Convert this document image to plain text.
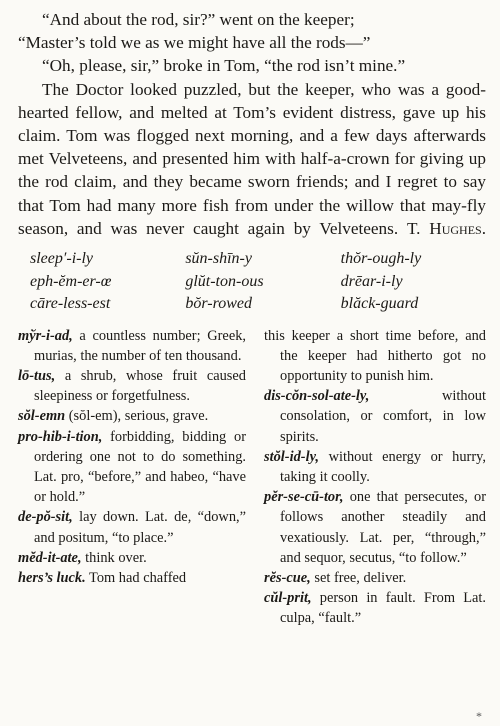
“And about the rod, sir?” went on the keeper;

“Master’s told we as we might have all the rods—”

“Oh, please, sir,” broke in Tom, “the rod isn’t mine.”

The Doctor looked puzzled, but the keeper, who was a good-hearted fellow, and melted at Tom’s evident distress, gave up his claim. Tom was flogged next morning, and a few days afterwards met Velveteens, and presented him with half-a-crown for giving up the rod claim, and they became sworn friends; and I regret to say that Tom had many more fish from under the willow that may-fly season, and was never caught again by Velveteens. T. Hughes.

sleep′-i-ly	sŭn-shīn-y	thŏr-ough-ly
eph-ĕm-er-œ	glŭt-ton-ous	drēar-i-ly
cāre-less-est	bŏr-rowed	blăck-guard
mўr-i-ad, a countless number; Greek, murias, the number of ten thousand.
lō-tus, a shrub, whose fruit caused sleepiness or forgetfulness.
sŏl-emn (sŏl-em), serious, grave.
pro-hib-i-tion, forbidding, bidding or ordering one not to do something. Lat. pro, “before,” and habeo, “have or hold.”
de-pŏ-sit, lay down. Lat. de, “down,” and positum, “to place.”
mĕd-it-ate, think over.
hers’s luck. Tom had chaffed
this keeper a short time before, and the keeper had hitherto got no opportunity to punish him.
dis-cŏn-sol-ate-ly, without consolation, or comfort, in low spirits.
stŏl-id-ly, without energy or hurry, taking it coolly.
pĕr-se-cū-tor, one that persecutes, or follows another steadily and vexatiously. Lat. per, “through,” and sequor, secutus, “to follow.”
rĕs-cue, set free, deliver.
cŭl-prit, person in fault. From Lat. culpa, “fault.”
*
